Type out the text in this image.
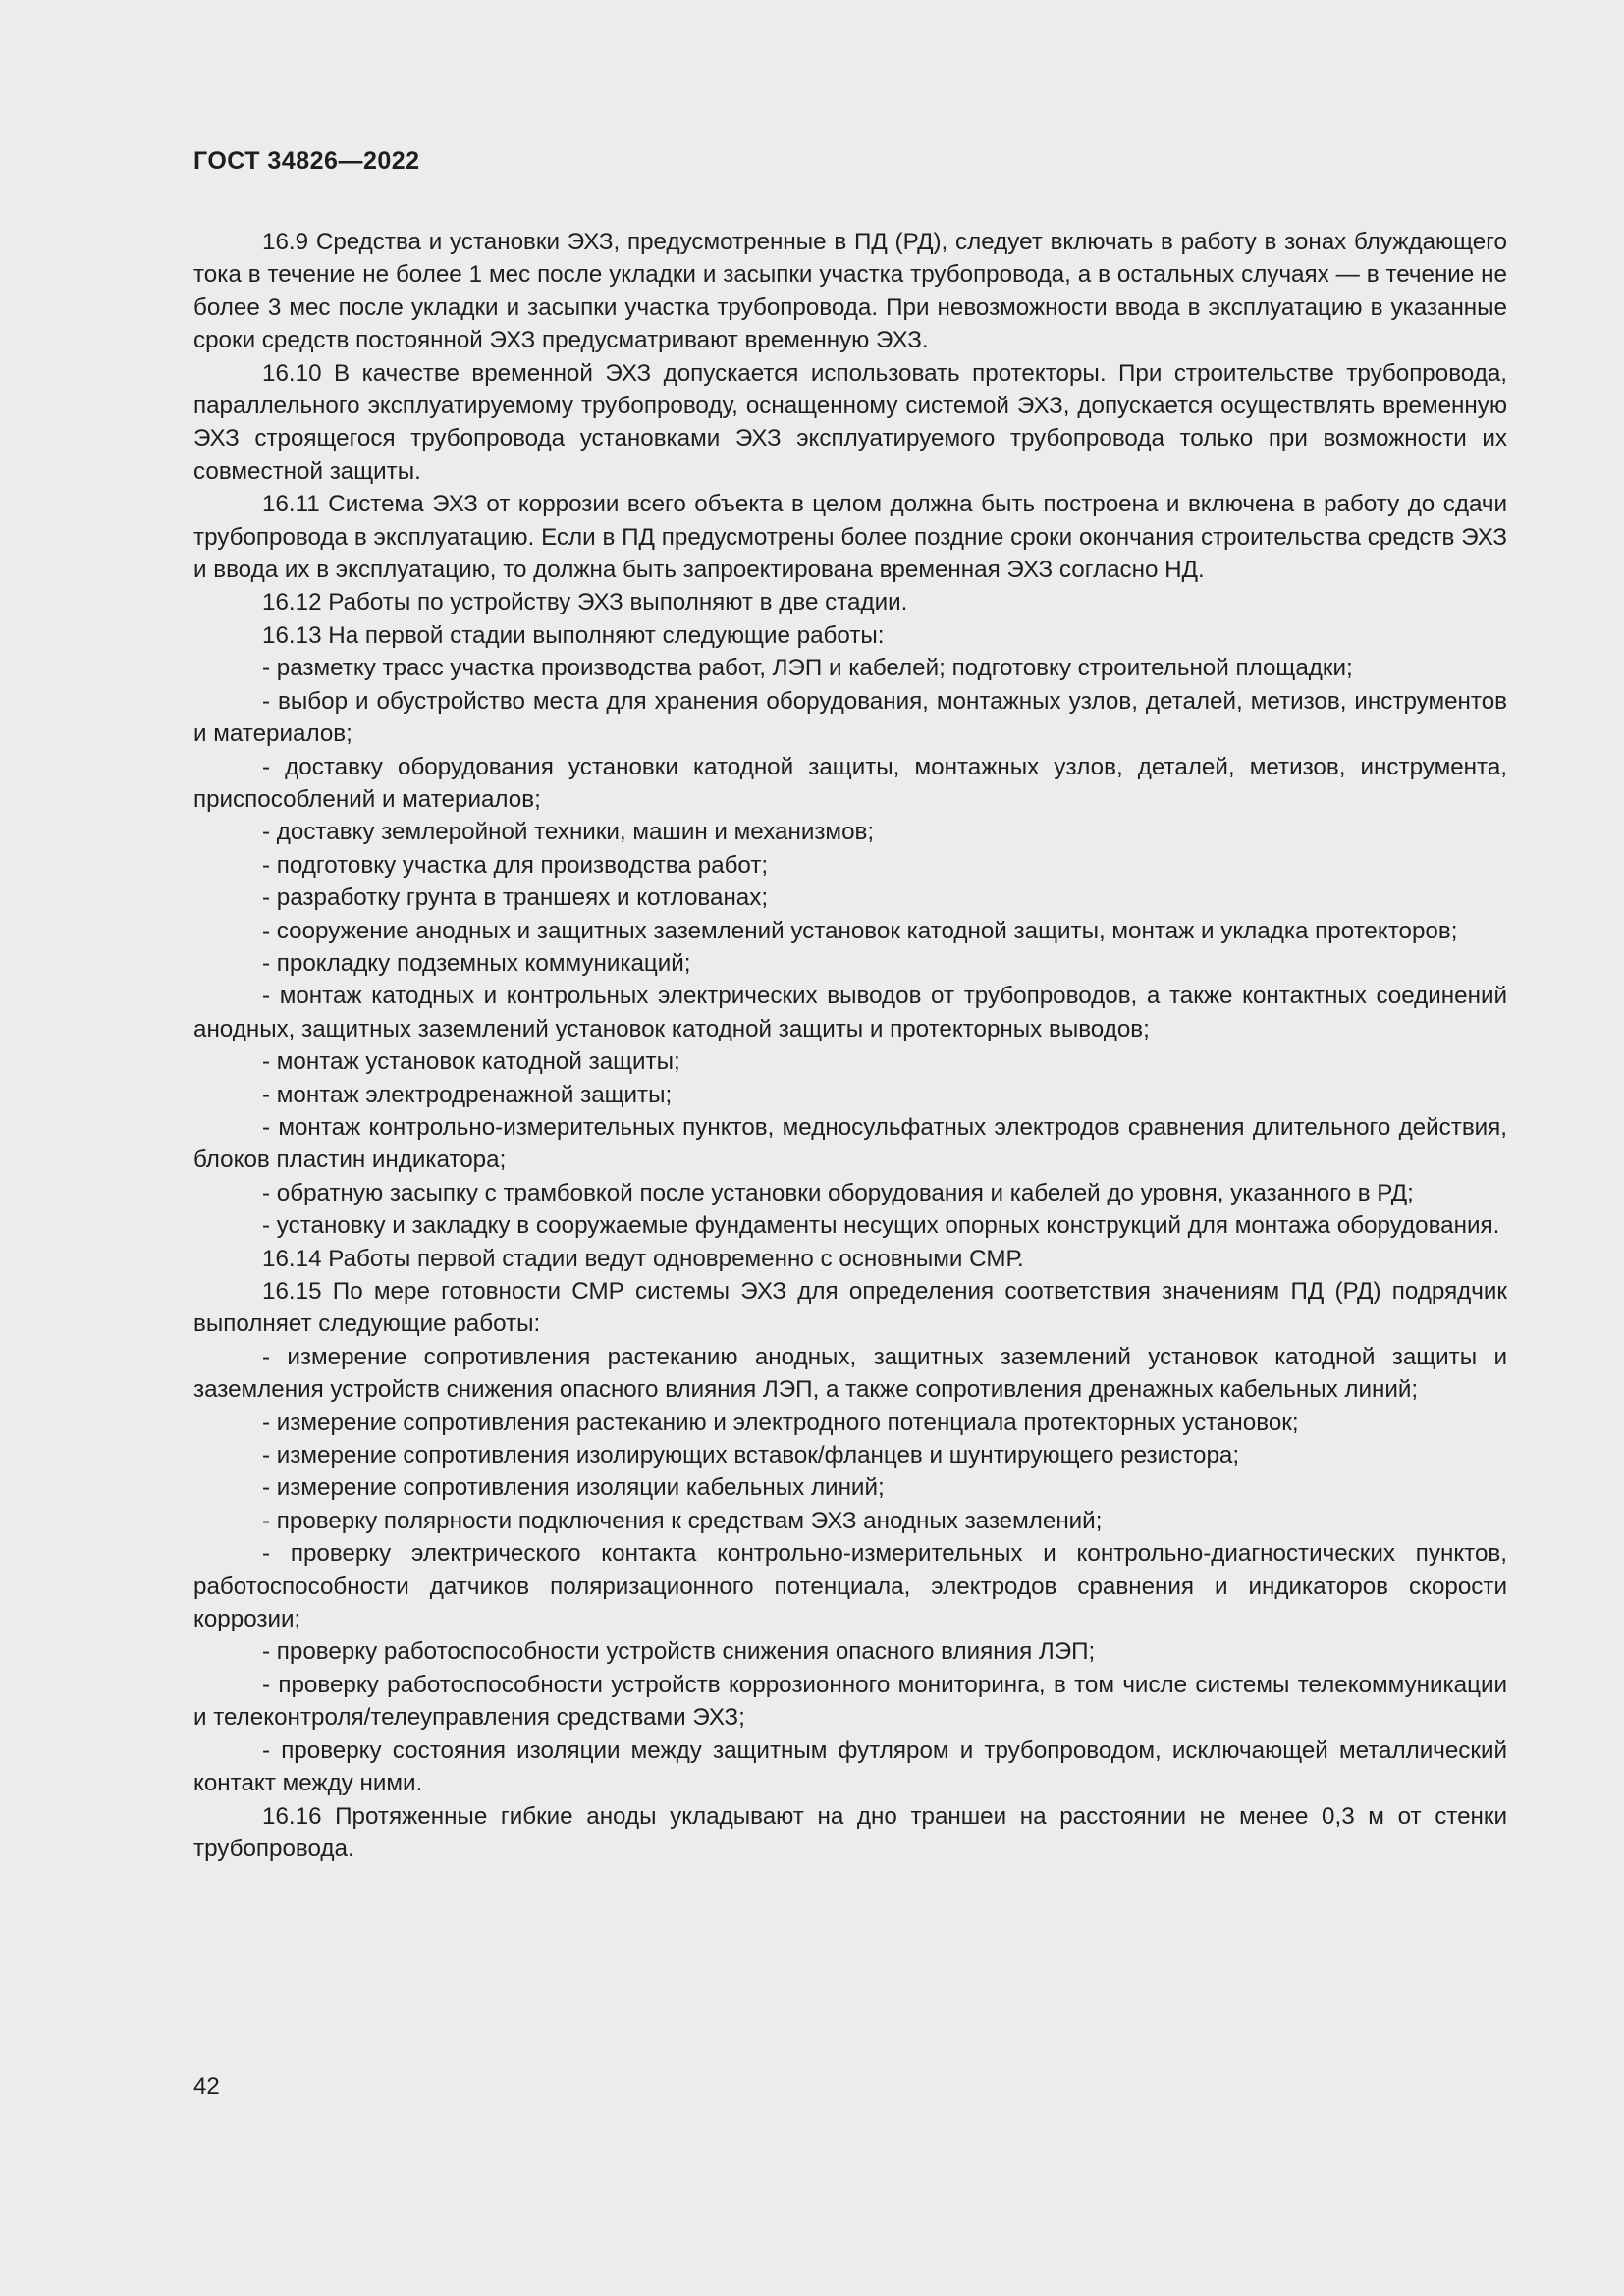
ГОСТ 34826—2022

16.9 Средства и установки ЭХЗ, предусмотренные в ПД (РД), следует включать в работу в зонах блуждающего тока в течение не более 1 мес после укладки и засыпки участка трубопровода, а в остальных случаях — в течение не более 3 мес после укладки и засыпки участка трубопровода. При невозможности ввода в эксплуатацию в указанные сроки средств постоянной ЭХЗ предусматривают временную ЭХЗ.

16.10 В качестве временной ЭХЗ допускается использовать протекторы. При строительстве трубопровода, параллельного эксплуатируемому трубопроводу, оснащенному системой ЭХЗ, допускается осуществлять временную ЭХЗ строящегося трубопровода установками ЭХЗ эксплуатируемого трубопровода только при возможности их совместной защиты.

16.11 Система ЭХЗ от коррозии всего объекта в целом должна быть построена и включена в работу до сдачи трубопровода в эксплуатацию. Если в ПД предусмотрены более поздние сроки окончания строительства средств ЭХЗ и ввода их в эксплуатацию, то должна быть запроектирована временная ЭХЗ согласно НД.

16.12 Работы по устройству ЭХЗ выполняют в две стадии.

16.13 На первой стадии выполняют следующие работы:

- разметку трасс участка производства работ, ЛЭП и кабелей; подготовку строительной площадки;

- выбор и обустройство места для хранения оборудования, монтажных узлов, деталей, метизов, инструментов и материалов;

- доставку оборудования установки катодной защиты, монтажных узлов, деталей, метизов, инструмента, приспособлений и материалов;

- доставку землеройной техники, машин и механизмов;

- подготовку участка для производства работ;

- разработку грунта в траншеях и котлованах;

- сооружение анодных и защитных заземлений установок катодной защиты, монтаж и укладка протекторов;

- прокладку подземных коммуникаций;

- монтаж катодных и контрольных электрических выводов от трубопроводов, а также контактных соединений анодных, защитных заземлений установок катодной защиты и протекторных выводов;

- монтаж установок катодной защиты;

- монтаж электродренажной защиты;

- монтаж контрольно-измерительных пунктов, медносульфатных электродов сравнения длительного действия, блоков пластин индикатора;

- обратную засыпку с трамбовкой после установки оборудования и кабелей до уровня, указанного в РД;

- установку и закладку в сооружаемые фундаменты несущих опорных конструкций для монтажа оборудования.

16.14 Работы первой стадии ведут одновременно с основными СМР.

16.15 По мере готовности СМР системы ЭХЗ для определения соответствия значениям ПД (РД) подрядчик выполняет следующие работы:

- измерение сопротивления растеканию анодных, защитных заземлений установок катодной защиты и заземления устройств снижения опасного влияния ЛЭП, а также сопротивления дренажных кабельных линий;

- измерение сопротивления растеканию и электродного потенциала протекторных установок;

- измерение сопротивления изолирующих вставок/фланцев и шунтирующего резистора;

- измерение сопротивления изоляции кабельных линий;

- проверку полярности подключения к средствам ЭХЗ анодных заземлений;

- проверку электрического контакта контрольно-измерительных и контрольно-диагностических пунктов, работоспособности датчиков поляризационного потенциала, электродов сравнения и индикаторов скорости коррозии;

- проверку работоспособности устройств снижения опасного влияния ЛЭП;

- проверку работоспособности устройств коррозионного мониторинга, в том числе системы телекоммуникации и телеконтроля/телеуправления средствами ЭХЗ;

- проверку состояния изоляции между защитным футляром и трубопроводом, исключающей металлический контакт между ними.

16.16 Протяженные гибкие аноды укладывают на дно траншеи на расстоянии не менее 0,3 м от стенки трубопровода.

42
